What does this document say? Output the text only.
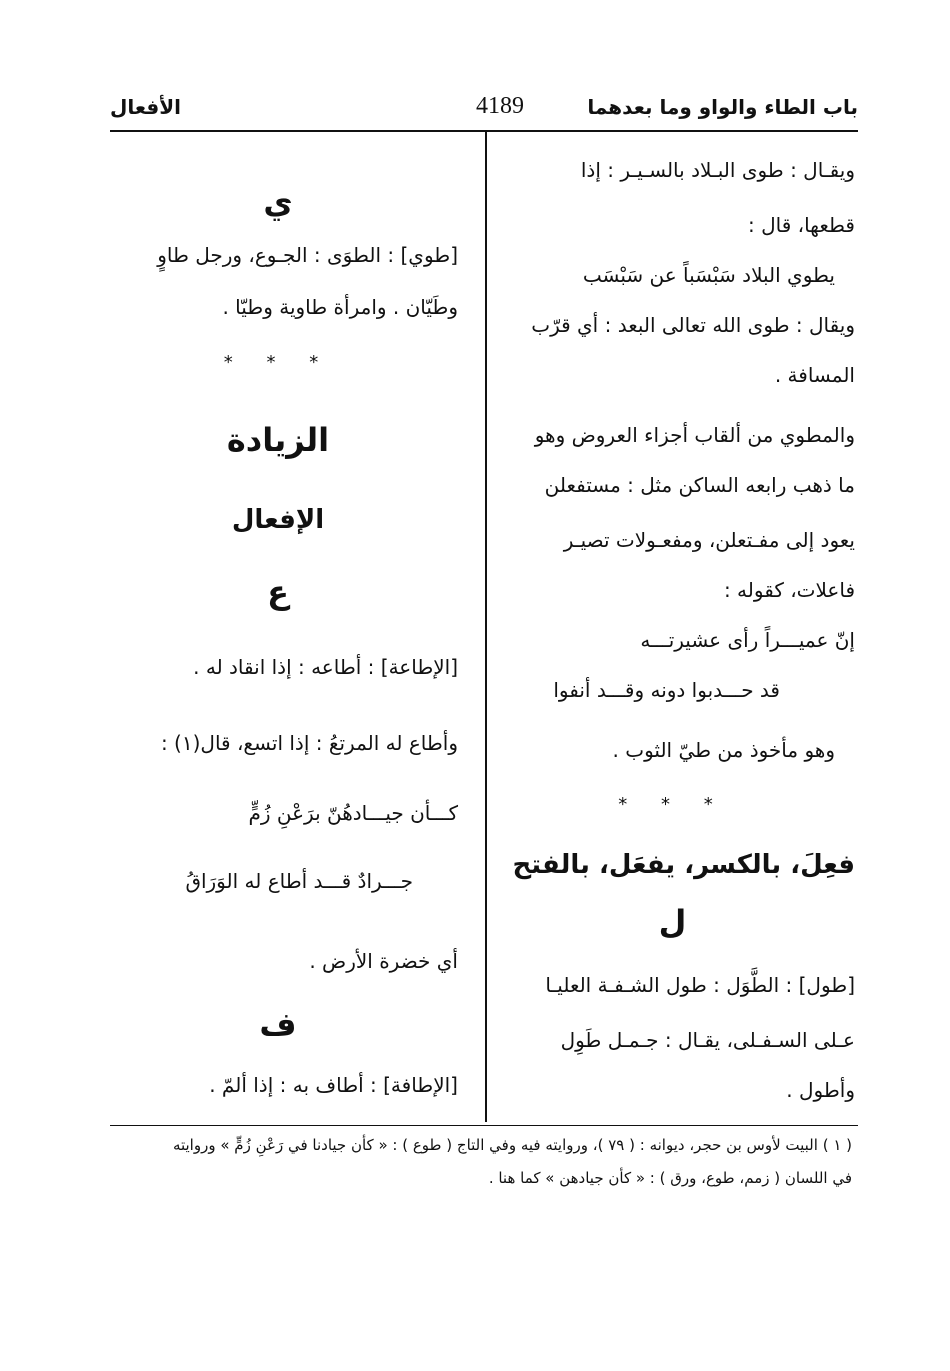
باب الطاء والواو وما بعدهما
4189
الأفعال
ويقـال : طوى البـلاد بالسـيـر : إذا
قطعها، قال :
يطوي البلاد سَبْسَباً عن سَبْسَب
ويقال : طوى الله تعالى البعد : أي قرّب
المسافة .
والمطوي من ألقاب أجزاء العروض وهو
ما ذهب رابعه الساكن مثل : مستفعلن
يعود إلى مفـتعلن، ومفعـولات تصيـر
فاعلات، كقوله :
إنّ عميـــراً رأى عشيرتـــه
قد حـــدبوا دونه وقـــد أنفوا
وهو مأخوذ من طيّ الثوب .
* * *
فعِلَ، بالكسر، يفعَل، بالفتح
ل
[طول] : الطَّوَل : طول الشـفـة العليـا
عـلى السـفـلى، يقـال : جـمـل طَوِل
وأطول .
ي
[طوي] : الطوَى : الجـوع، ورجل طاوٍ
وطَيّان . وامرأة طاوية وطيّا .
* * *
الزيادة
الإفعال
ع
[الإطاعة] : أطاعه : إذا انقاد له .
وأطاع له المرتعُ : إذا اتسع، قال(١) :
كـــأن جيـــادهُنّ برَعْنِ زُمٍّ
جـــرادٌ قـــد أطاع له الوَرَاقُ
أي خضرة الأرض .
ف
[الإطافة] : أطاف به : إذا ألمّ .
( ١ ) البيت لأوس بن حجر، ديوانه : ( ٧٩ )، وروايته فيه وفي التاج ( طوع ) : « كأن جيادنا في رَعْنِ زُمٍّ » وروايته
في اللسان ( زمم، طوع، ورق ) : « كأن جيادهن » كما هنا .
